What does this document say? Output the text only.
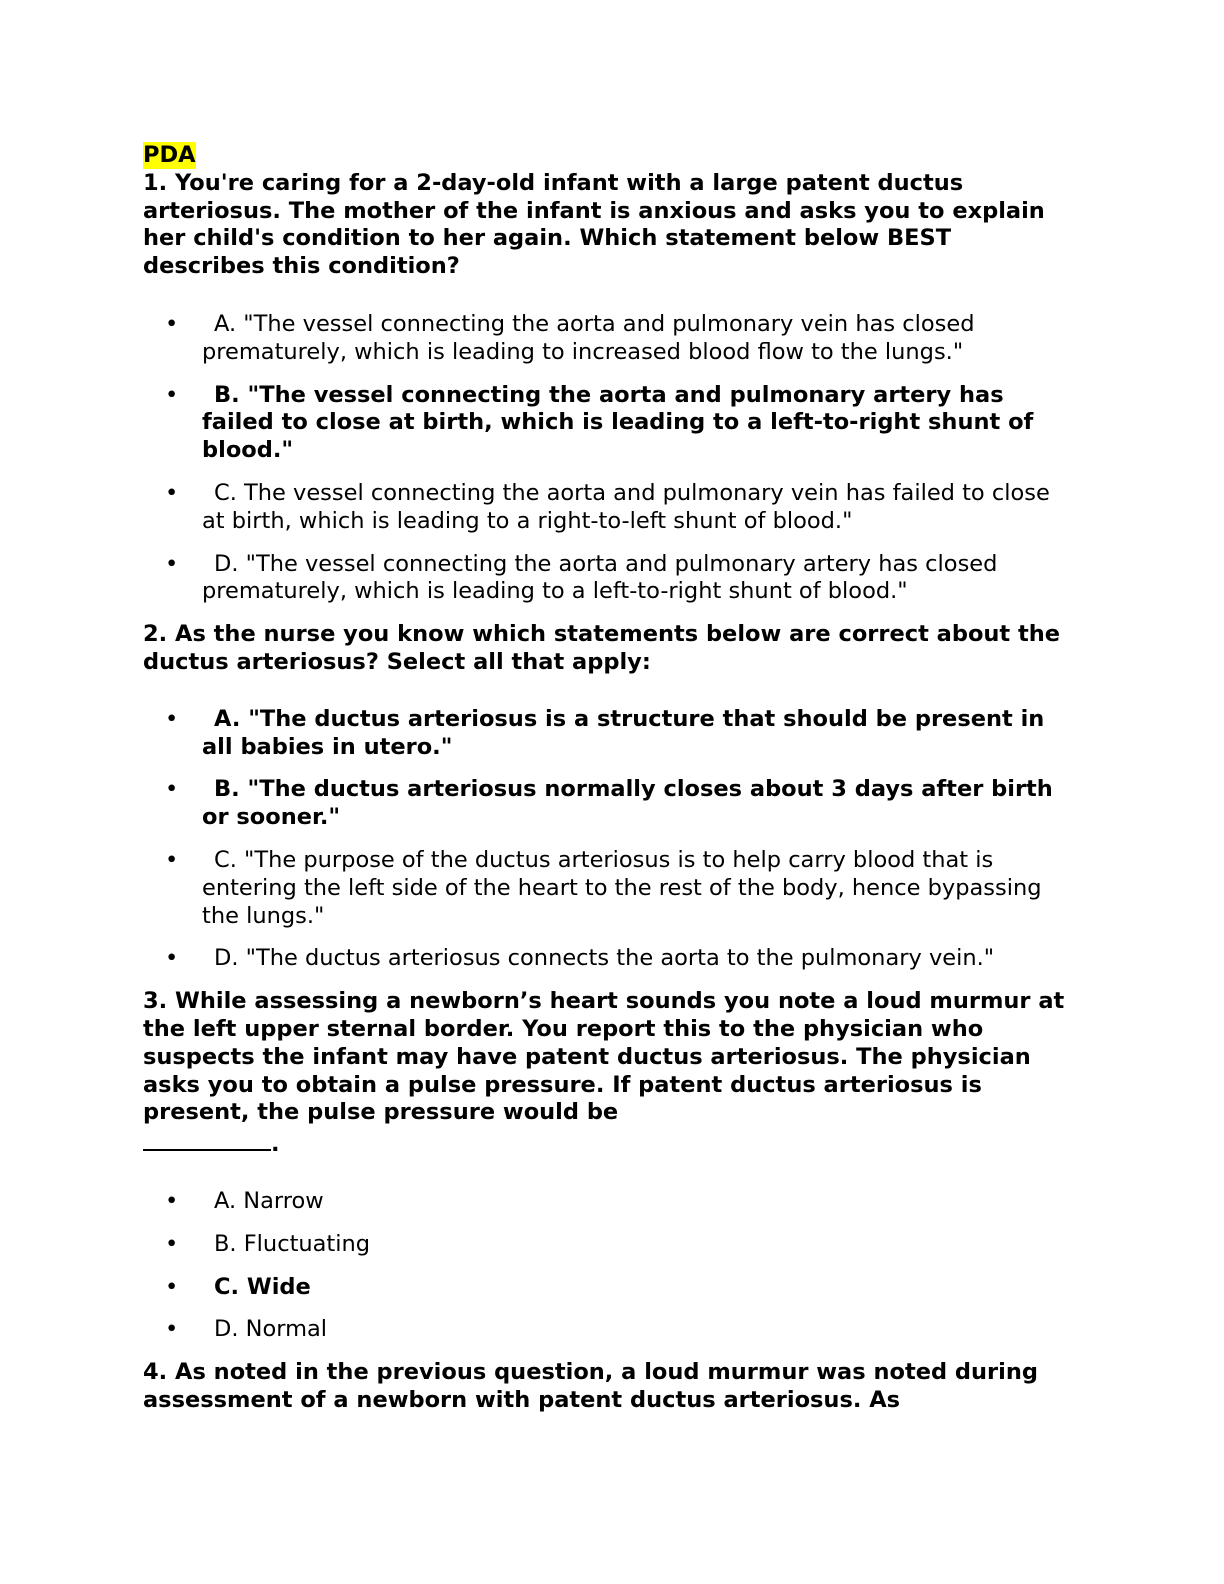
PDA

1. You're caring for a 2-day-old infant with a large patent ductus arteriosus. The mother of the infant is anxious and asks you to explain her child's condition to her again. Which statement below BEST describes this condition?

•	A. "The vessel connecting the aorta and pulmonary vein has closed prematurely, which is leading to increased blood flow to the lungs."
•	B. "The vessel connecting the aorta and pulmonary artery has failed to close at birth, which is leading to a left-to-right shunt of blood."
•	C. The vessel connecting the aorta and pulmonary vein has failed to close at birth, which is leading to a right-to-left shunt of blood."
•	D. "The vessel connecting the aorta and pulmonary artery has closed prematurely, which is leading to a left-to-right shunt of blood."

2. As the nurse you know which statements below are correct about the ductus arteriosus? Select all that apply:

•	A. "The ductus arteriosus is a structure that should be present in all babies in utero."
•	B. "The ductus arteriosus normally closes about 3 days after birth or sooner."
•	C. "The purpose of the ductus arteriosus is to help carry blood that is entering the left side of the heart to the rest of the body, hence bypassing the lungs."
•	D. "The ductus arteriosus connects the aorta to the pulmonary vein."

3. While assessing a newborn’s heart sounds you note a loud murmur at the left upper sternal border. You report this to the physician who suspects the infant may have patent ductus arteriosus. The physician asks you to obtain a pulse pressure. If patent ductus arteriosus is present, the pulse pressure would be
.

•	A. Narrow
•	B. Fluctuating
•	C. Wide
•	D. Normal

4. As noted in the previous question, a loud murmur was noted during assessment of a newborn with patent ductus arteriosus. As
